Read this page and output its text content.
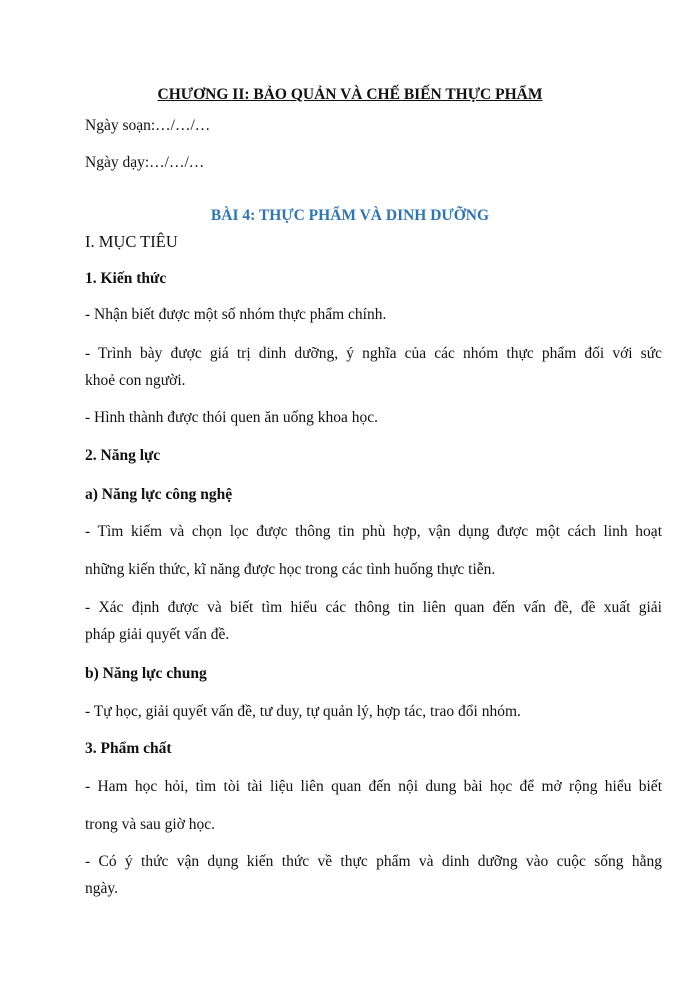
CHƯƠNG II: BẢO QUẢN VÀ CHẾ BIẾN THỰC PHẨM
Ngày soạn:…/…/…
Ngày dạy:…/…/…
BÀI 4: THỰC PHẨM VÀ DINH DƯỠNG
I. MỤC TIÊU
1. Kiến thức
- Nhận biết được một số nhóm thực phẩm chính.
- Trình bày được giá trị dinh dưỡng, ý nghĩa của các nhóm thực phẩm đối với sức
khoẻ con người.
- Hình thành được thói quen ăn uống khoa học.
2. Năng lực
a) Năng lực công nghệ
- Tìm kiếm và chọn lọc được thông tin phù hợp, vận dụng được một cách linh hoạt
những kiến thức, kĩ năng được học trong các tình huống thực tiễn.
- Xác định được và biết tìm hiểu các thông tin liên quan đến vấn đề, đề xuất giải
pháp giải quyết vấn đề.
b) Năng lực chung
- Tự học, giải quyết vấn đề, tư duy, tự quản lý, hợp tác, trao đổi nhóm.
3. Phẩm chất
- Ham học hỏi, tìm tòi tài liệu liên quan đến nội dung bài học để mở rộng hiểu biết
trong và sau giờ học.
- Có ý thức vận dụng kiến thức về thực phẩm và dinh dưỡng vào cuộc sống hằng
ngày.
